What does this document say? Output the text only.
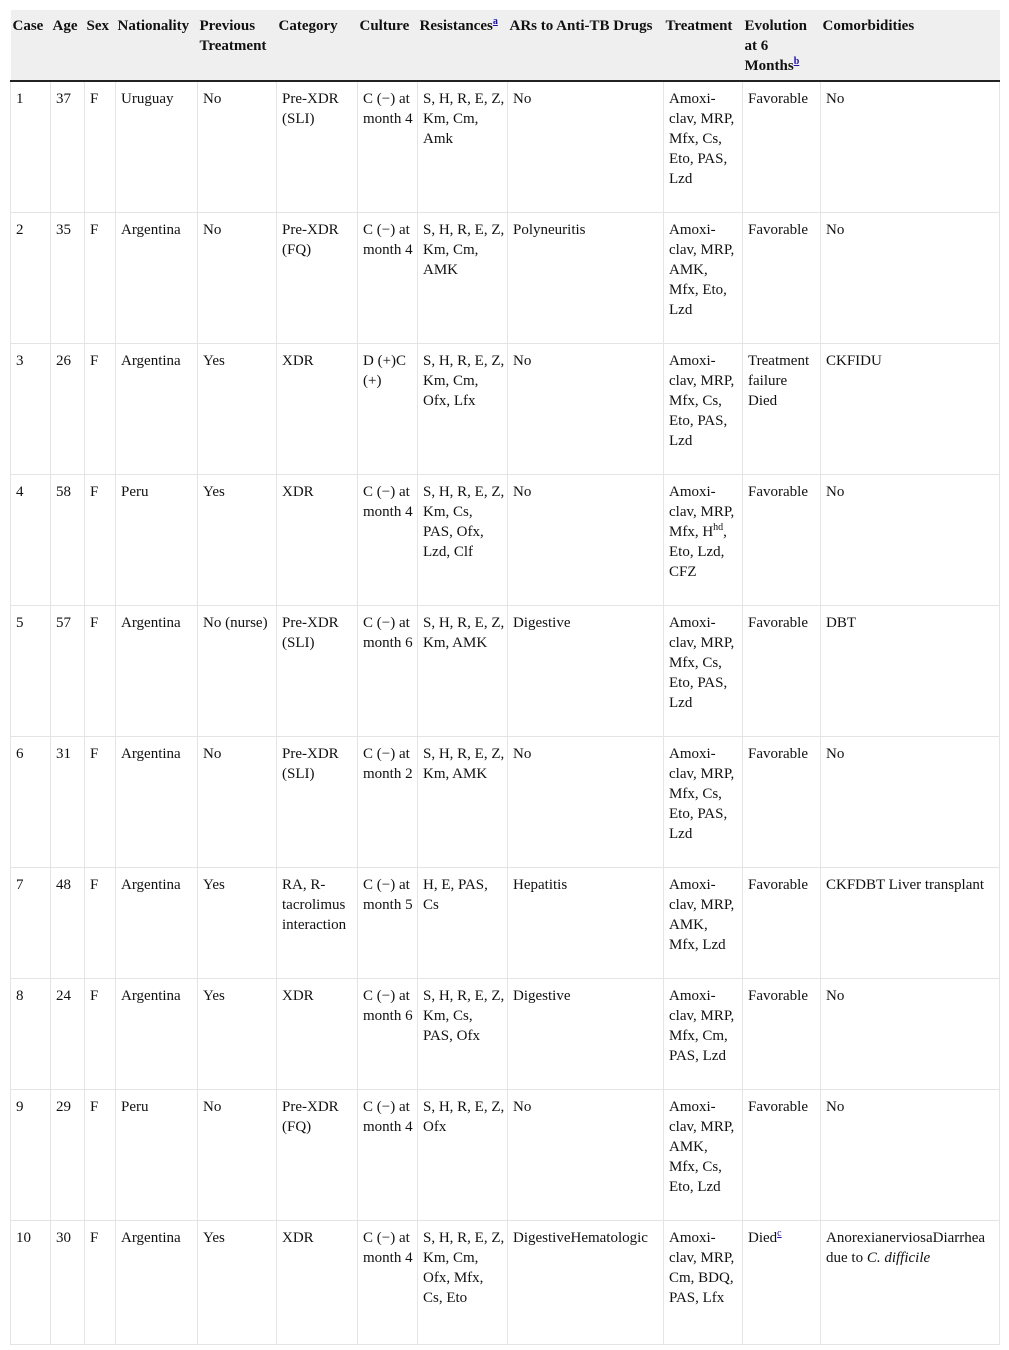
Case	Age	Sex	Nationality	Previous Treatment	Category	Culture	Resistances$^a$	ARs to Anti-TB Drugs	Treatment	Evolution at 6 Months$^b$	Comorbidities
1	37	F	Uruguay	No	Pre-XDR (SLI)	C (−) at month 4	S, H, R, E, Z, Km, Cm, Amk	No	Amoxi-clav, MRP, Mfx, Cs, Eto, PAS, Lzd	Favorable	No
2	35	F	Argentina	No	Pre-XDR (FQ)	C (−) at month 4	S, H, R, E, Z, Km, Cm, AMK	Polyneuritis	Amoxi-clav, MRP, AMK, Mfx, Eto, Lzd	Favorable	No
3	26	F	Argentina	Yes	XDR	D (+)C (+)	S, H, R, E, Z, Km, Cm, Ofx, Lfx	No	Amoxi-clav, MRP, Mfx, Cs, Eto, PAS, Lzd	Treatment failure Died	CKFIDU
4	58	F	Peru	Yes	XDR	C (−) at month 4	S, H, R, E, Z, Km, Cs, PAS, Ofx, Lzd, Clf	No	Amoxi-clav, MRP, Mfx, $H^{hd}$, Eto, Lzd, CFZ	Favorable	No
5	57	F	Argentina	No (nurse)	Pre-XDR (SLI)	C (−) at month 6	S, H, R, E, Z, Km, AMK	Digestive	Amoxi-clav, MRP, Mfx, Cs, Eto, PAS, Lzd	Favorable	DBT
6	31	F	Argentina	No	Pre-XDR (SLI)	C (−) at month 2	S, H, R, E, Z, Km, AMK	No	Amoxi-clav, MRP, Mfx, Cs, Eto, PAS, Lzd	Favorable	No
7	48	F	Argentina	Yes	RA, R-tacrolimus interaction	C (−) at month 5	H, E, PAS, Cs	Hepatitis	Amoxi-clav, MRP, AMK, Mfx, Lzd	Favorable	CKFDBT Liver transplant
8	24	F	Argentina	Yes	XDR	C (−) at month 6	S, H, R, E, Z, Km, Cs, PAS, Ofx	Digestive	Amoxi-clav, MRP, Mfx, Cm, PAS, Lzd	Favorable	No
9	29	F	Peru	No	Pre-XDR (FQ)	C (−) at month 4	S, H, R, E, Z, Ofx	No	Amoxi-clav, MRP, AMK, Mfx, Cs, Eto, Lzd	Favorable	No
10	30	F	Argentina	Yes	XDR	C (−) at month 4	S, H, R, E, Z, Km, Cm, Ofx, Mfx, Cs, Eto	DigestiveHematologic	Amoxi-clav, MRP, Cm, BDQ, PAS, Lfx	Died$^c$	AnorexianerviosaDiarrhea due to C. difficile
